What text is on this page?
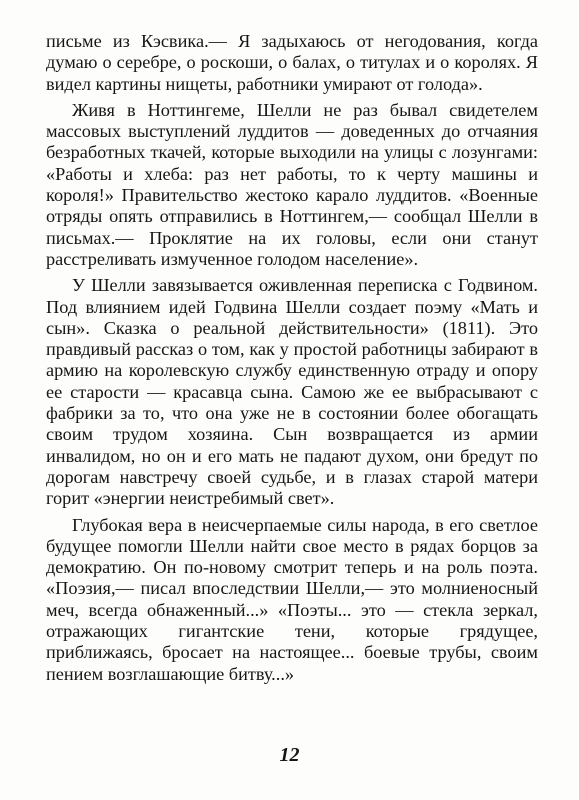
письме из Кэсвика.— Я задыхаюсь от негодования, когда думаю о серебре, о роскоши, о балах, о титулах и о королях. Я видел картины нищеты, работники умирают от голода».

Живя в Ноттингеме, Шелли не раз бывал свидетелем массовых выступлений луддитов — доведенных до отчаяния безработных ткачей, которые выходили на улицы с лозунгами: «Работы и хлеба: раз нет работы, то к черту машины и короля!» Правительство жестоко карало луддитов. «Военные отряды опять отправились в Ноттингем,— сообщал Шелли в письмах.— Проклятие на их головы, если они станут расстреливать измученное голодом население».

У Шелли завязывается оживленная переписка с Годвином. Под влиянием идей Годвина Шелли создает поэму «Мать и сын». Сказка о реальной действительности» (1811). Это правдивый рассказ о том, как у простой работницы забирают в армию на королевскую службу единственную отраду и опору ее старости — красавца сына. Самою же ее выбрасывают с фабрики за то, что она уже не в состоянии более обогащать своим трудом хозяина. Сын возвращается из армии инвалидом, но он и его мать не падают духом, они бредут по дорогам навстречу своей судьбе, и в глазах старой матери горит «энергии неистребимый свет».

Глубокая вера в неисчерпаемые силы народа, в его светлое будущее помогли Шелли найти свое место в рядах борцов за демократию. Он по-новому смотрит теперь и на роль поэта. «Поэзия,— писал впоследствии Шелли,— это молниеносный меч, всегда обнаженный...» «Поэты... это — стекла зеркал, отражающих гигантские тени, которые грядущее, приближаясь, бросает на настоящее... боевые трубы, своим пением возглашающие битву...»

12
